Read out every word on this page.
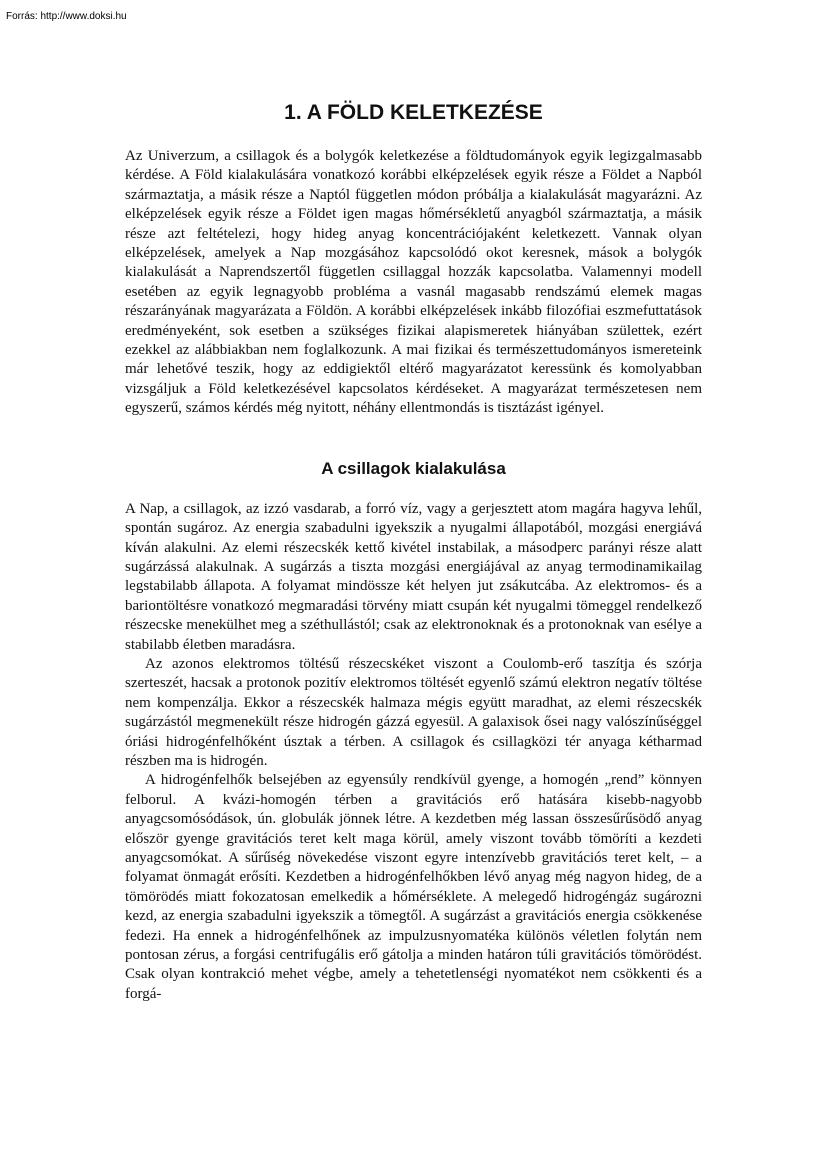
Forrás: http://www.doksi.hu
1. A FÖLD KELETKEZÉSE

Az Univerzum, a csillagok és a bolygók keletkezése a földtudományok egyik legizgalmasabb kérdése. A Föld kialakulására vonatkozó korábbi elképzelések egyik része a Földet a Napból származtatja, a másik része a Naptól független módon próbálja a kialakulását magyarázni. Az elképzelések egyik része a Földet igen magas hőmérsékletű anyagból származtatja, a másik része azt feltételezi, hogy hideg anyag koncentrációjaként keletkezett. Vannak olyan elképzelések, amelyek a Nap mozgásához kapcsolódó okot keresnek, mások a bolygók kialakulását a Naprendszertől független csillaggal hozzák kapcsolatba. Valamennyi modell esetében az egyik legnagyobb probléma a vasnál magasabb rendszámú elemek magas részarányának magyarázata a Földön. A korábbi elképzelések inkább filozófiai eszmefuttatások eredményeként, sok esetben a szükséges fizikai alapismeretek hiányában születtek, ezért ezekkel az alábbiakban nem foglalkozunk. A mai fizikai és természettudományos ismereteink már lehetővé teszik, hogy az eddigiektől eltérő magyarázatot keressünk és komolyabban vizsgáljuk a Föld keletkezésével kapcsolatos kérdéseket. A magyarázat természetesen nem egyszerű, számos kérdés még nyitott, néhány ellentmondás is tisztázást igényel.

A csillagok kialakulása

A Nap, a csillagok, az izzó vasdarab, a forró víz, vagy a gerjesztett atom magára hagyva lehűl, spontán sugároz. Az energia szabadulni igyekszik a nyugalmi állapotából, mozgási energiává kíván alakulni. Az elemi részecskék kettő kivétel instabilak, a másodperc parányi része alatt sugárzássá alakulnak. A sugárzás a tiszta mozgási energiájával az anyag termodinamikailag legstabilabb állapota. A folyamat mindössze két helyen jut zsákutcába. Az elektromos- és a bariontöltésre vonatkozó megmaradási törvény miatt csupán két nyugalmi tömeggel rendelkező részecske menekülhet meg a széthullástól; csak az elektronoknak és a protonoknak van esélye a stabilabb életben maradásra.

Az azonos elektromos töltésű részecskéket viszont a Coulomb-erő taszítja és szórja szerteszét, hacsak a protonok pozitív elektromos töltését egyenlő számú elektron negatív töltése nem kompenzálja. Ekkor a részecskék halmaza mégis együtt maradhat, az elemi részecskék sugárzástól megmenekült része hidrogén gázzá egyesül. A galaxisok ősei nagy valószínűséggel óriási hidrogénfelhőként úsztak a térben. A csillagok és csillagközi tér anyaga kétharmad részben ma is hidrogén.

A hidrogénfelhők belsejében az egyensúly rendkívül gyenge, a homogén „rend” könnyen felborul. A kvázi-homogén térben a gravitációs erő hatására kisebb-nagyobb anyagcsomósódások, ún. globulák jönnek létre. A kezdetben még lassan összesűrűsödő anyag először gyenge gravitációs teret kelt maga körül, amely viszont tovább tömöríti a kezdeti anyagcsomókat. A sűrűség növekedése viszont egyre intenzívebb gravitációs teret kelt, – a folyamat önmagát erősíti. Kezdetben a hidrogénfelhőkben lévő anyag még nagyon hideg, de a tömörödés miatt fokozatosan emelkedik a hőmérséklete. A melegedő hidrogéngáz sugározni kezd, az energia szabadulni igyekszik a tömegtől. A sugárzást a gravitációs energia csökkenése fedezi. Ha ennek a hidrogénfelhőnek az impulzusnyomatéka különös véletlen folytán nem pontosan zérus, a forgási centrifugális erő gátolja a minden határon túli gravitációs tömörödést. Csak olyan kontrakció mehet végbe, amely a tehetetlenségi nyomatékot nem csökkenti és a forgá-
